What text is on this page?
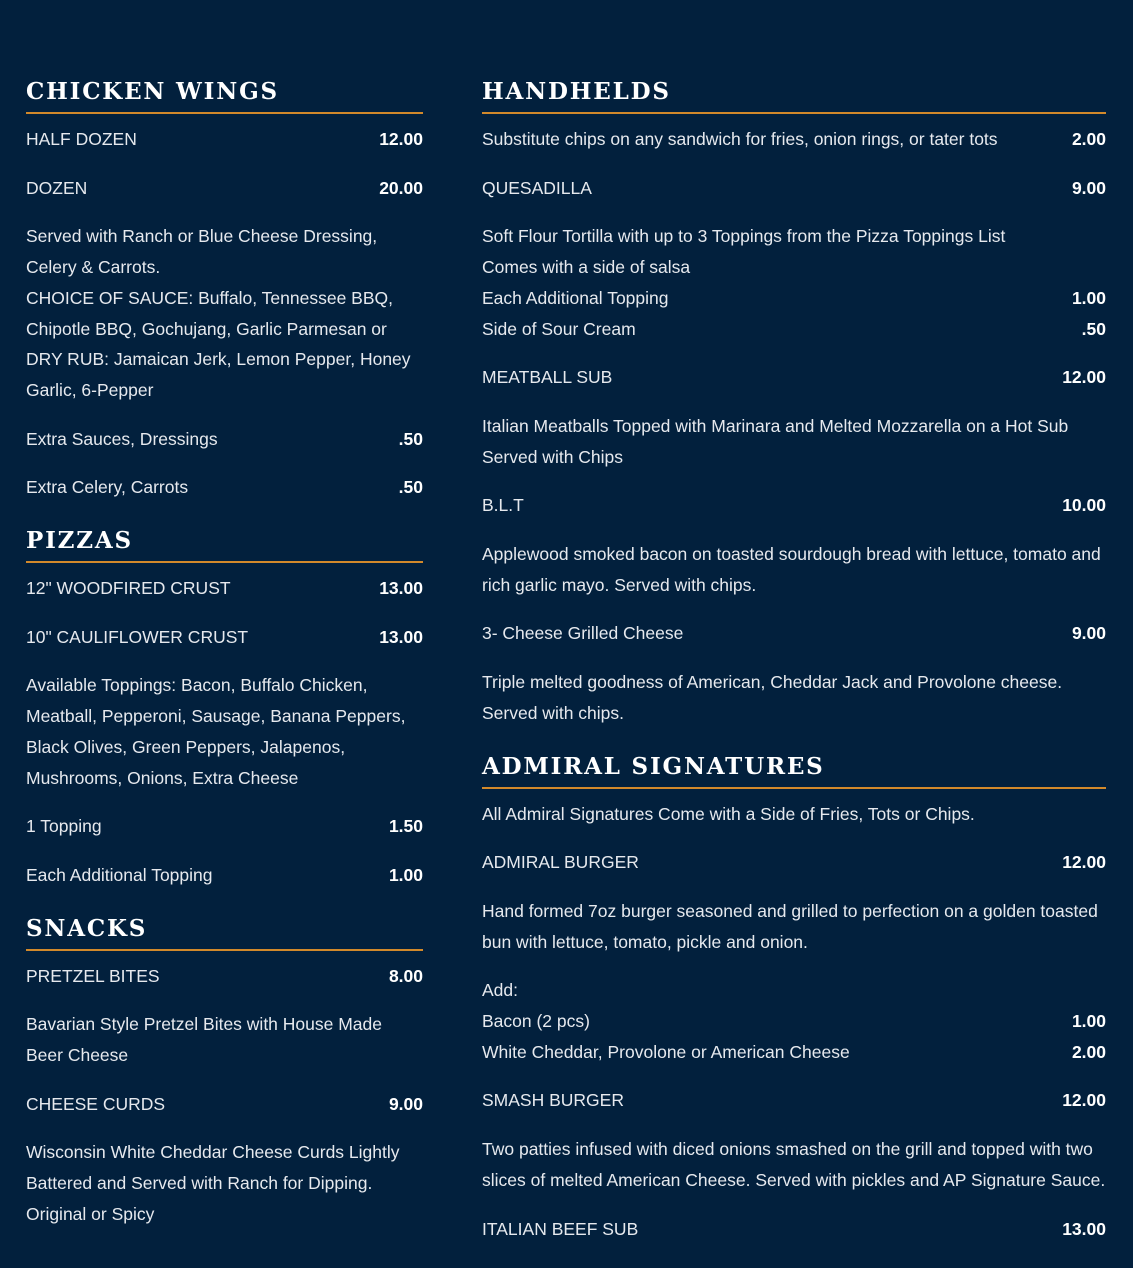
CHICKEN WINGS
HALF DOZEN	12.00
DOZEN	20.00

Served with Ranch or Blue Cheese Dressing, Celery & Carrots.

CHOICE OF SAUCE: Buffalo, Tennessee BBQ, Chipotle BBQ, Gochujang, Garlic Parmesan or

DRY RUB: Jamaican Jerk, Lemon Pepper, Honey Garlic, 6-Pepper

Extra Sauces, Dressings	.50
Extra Celery, Carrots	.50
PIZZAS
12" WOODFIRED CRUST	13.00
10" CAULIFLOWER CRUST	13.00
Available Toppings: Bacon, Buffalo Chicken, Meatball, Pepperoni, Sausage, Banana Peppers, Black Olives, Green Peppers, Jalapenos, Mushrooms, Onions, Extra Cheese
1 Topping	1.50
Each Additional Topping	1.00
SNACKS
PRETZEL BITES	8.00
Bavarian Style Pretzel Bites with House Made Beer Cheese
CHEESE CURDS	9.00
Wisconsin White Cheddar Cheese Curds Lightly Battered and Served with Ranch for Dipping. Original or Spicy
HANDHELDS
Substitute chips on any sandwich for fries, onion rings, or tater tots	2.00
QUESADILLA	9.00

Soft Flour Tortilla with up to 3 Toppings from the Pizza Toppings List

Comes with a side of salsa

Each Additional Topping	1.00
Side of Sour Cream	.50
MEATBALL SUB	12.00
Italian Meatballs Topped with Marinara and Melted Mozzarella on a Hot Sub Served with Chips
B.L.T	10.00
Applewood smoked bacon on toasted sourdough bread with lettuce, tomato and rich garlic mayo. Served with chips.
3- Cheese Grilled Cheese	9.00
Triple melted goodness of American, Cheddar Jack and Provolone cheese. Served with chips.
ADMIRAL SIGNATURES
All Admiral Signatures Come with a Side of Fries, Tots or Chips.
ADMIRAL BURGER	12.00
Hand formed 7oz burger seasoned and grilled to perfection on a golden toasted bun with lettuce, tomato, pickle and onion.
Add:
Bacon (2 pcs)	1.00
White Cheddar, Provolone or American Cheese	2.00
SMASH BURGER	12.00
Two patties infused with diced onions smashed on the grill and topped with two slices of melted American Cheese. Served with pickles and AP Signature Sauce.
ITALIAN BEEF SUB	13.00
